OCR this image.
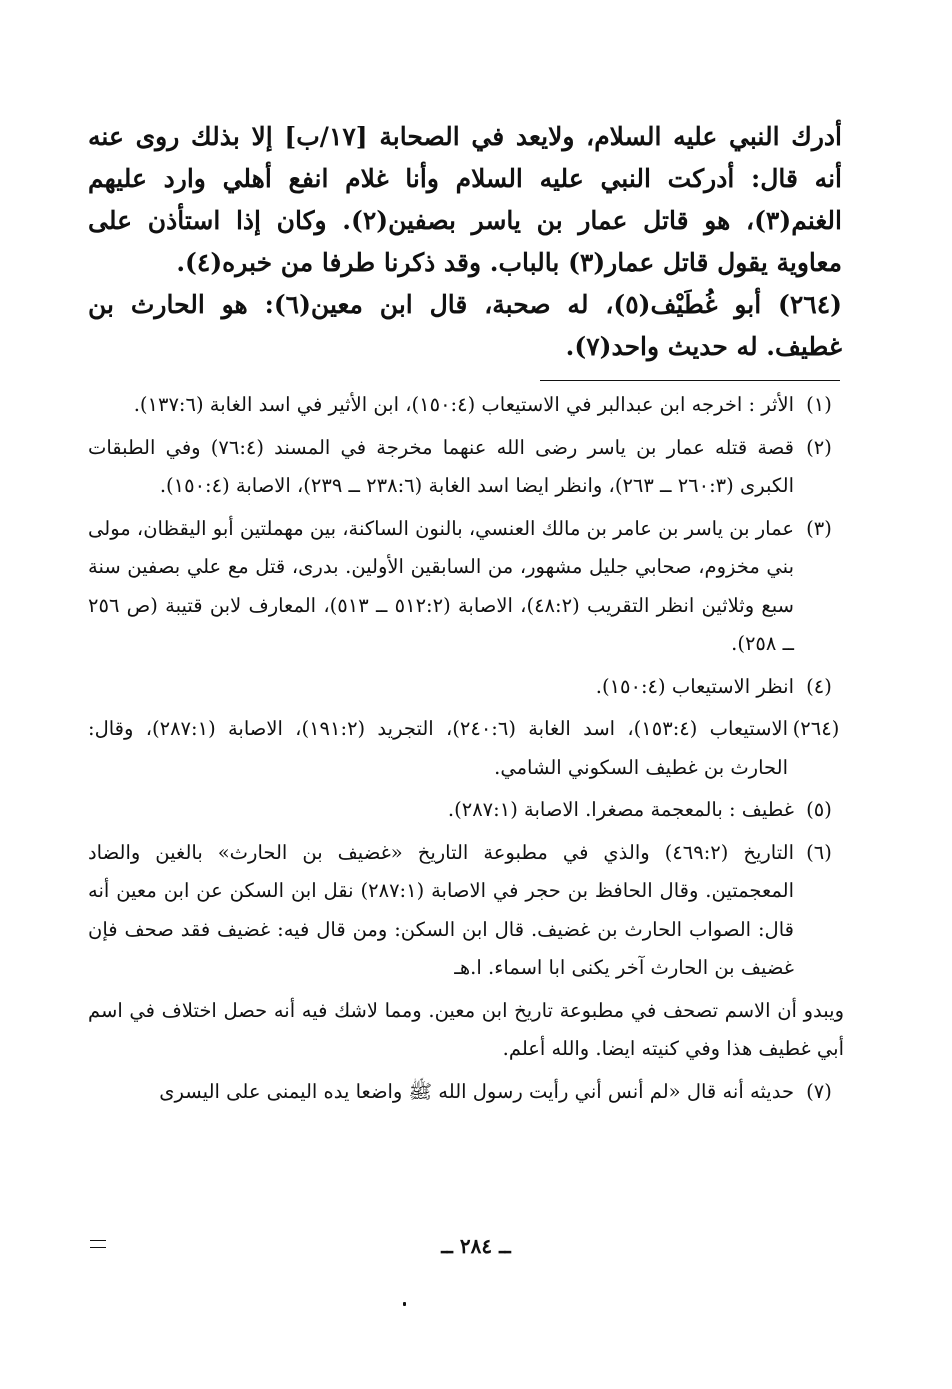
أدرك النبي عليه السلام، ولايعد في الصحابة [١٧/ب] إلا بذلك روى عنه أنه قال: أدركت النبي عليه السلام وأنا غلام انفع أهلي وارد عليهم الغنم(٣)، هو قاتل عمار بن ياسر بصفين(٢). وكان إذا استأذن على معاوية يقول قاتل عمار(٣) بالباب. وقد ذكرنا طرفا من خبره(٤).

(٢٦٤) أبو غُطَيْف(٥)، له صحبة، قال ابن معين(٦): هو الحارث بن غطيف. له حديث واحد(٧).

(١)
الأثر : اخرجه ابن عبدالبر في الاستيعاب (١٥٠:٤)، ابن الأثير في اسد الغابة (١٣٧:٦).
(٢)
قصة قتله عمار بن ياسر رضى الله عنهما مخرجة في المسند (٧٦:٤) وفي الطبقات الكبرى (٢٦٠:٣ ــ ٢٦٣)، وانظر ايضا اسد الغابة (٢٣٨:٦ ــ ٢٣٩)، الاصابة (١٥٠:٤).
(٣)
عمار بن ياسر بن عامر بن مالك العنسي، بالنون الساكنة، بين مهملتين أبو اليقظان، مولى بني مخزوم، صحابي جليل مشهور، من السابقين الأولين. بدرى، قتل مع علي بصفين سنة سبع وثلاثين انظر التقريب (٤٨:٢)، الاصابة (٥١٢:٢ ــ ٥١٣)، المعارف لابن قتيبة (ص ٢٥٦ ــ ٢٥٨).
(٤)
انظر الاستيعاب (١٥٠:٤).
(٢٦٤)
الاستيعاب (١٥٣:٤)، اسد الغابة (٢٤٠:٦)، التجريد (١٩١:٢)، الاصابة (٢٨٧:١)، وقال: الحارث بن غطيف السكوني الشامي.
(٥)
غطيف : بالمعجمة مصغرا. الاصابة (٢٨٧:١).
(٦)
التاريخ (٤٦٩:٢) والذي في مطبوعة التاريخ «غضيف بن الحارث» بالغين والضاد المعجمتين. وقال الحافظ بن حجر في الاصابة (٢٨٧:١) نقل ابن السكن عن ابن معين أنه قال: الصواب الحارث بن غضيف. قال ابن السكن: ومن قال فيه: غضيف فقد صحف فإن غضيف بن الحارث آخر يكنى ابا اسماء. ا.هـ
ويبدو أن الاسم تصحف في مطبوعة تاريخ ابن معين. ومما لاشك فيه أنه حصل اختلاف في اسم أبي غطيف هذا وفي كنيته ايضا. والله أعلم.
(٧)
حديثه أنه قال «لم أنس أني رأيت رسول الله ﷺ واضعا يده اليمنى على اليسرى
ــ ٢٨٤ ــ
